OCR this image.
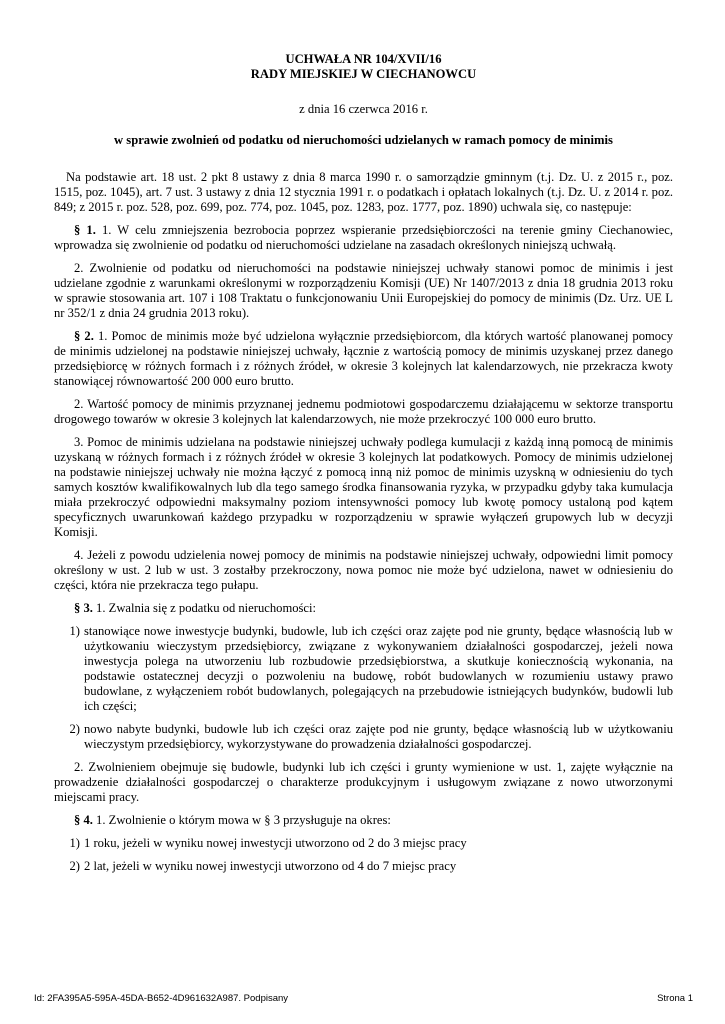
UCHWAŁA NR 104/XVII/16
RADY MIEJSKIEJ W CIECHANOWCU
z dnia 16 czerwca 2016 r.
w sprawie zwolnień od podatku od nieruchomości udzielanych w ramach pomocy de minimis

Na podstawie art. 18 ust. 2 pkt 8 ustawy z dnia 8 marca 1990 r. o samorządzie gminnym (t.j. Dz. U. z 2015 r., poz. 1515, poz. 1045), art. 7 ust. 3 ustawy z dnia 12 stycznia 1991 r. o podatkach i opłatach lokalnych (t.j. Dz. U. z 2014 r. poz. 849; z 2015 r. poz. 528, poz. 699, poz. 774, poz. 1045, poz. 1283, poz. 1777, poz. 1890) uchwala się, co następuje:

§ 1. 1. W celu zmniejszenia bezrobocia poprzez wspieranie przedsiębiorczości na terenie gminy Ciechanowiec, wprowadza się zwolnienie od podatku od nieruchomości udzielane na zasadach określonych niniejszą uchwałą.

2. Zwolnienie od podatku od nieruchomości na podstawie niniejszej uchwały stanowi pomoc de minimis i jest udzielane zgodnie z warunkami określonymi w rozporządzeniu Komisji (UE) Nr 1407/2013 z dnia 18 grudnia 2013 roku w sprawie stosowania art. 107 i 108 Traktatu o funkcjonowaniu Unii Europejskiej do pomocy de minimis (Dz. Urz. UE L nr 352/1 z dnia 24 grudnia 2013 roku).

§ 2. 1. Pomoc de minimis może być udzielona wyłącznie przedsiębiorcom, dla których wartość planowanej pomocy de minimis udzielonej na podstawie niniejszej uchwały, łącznie z wartością pomocy de minimis uzyskanej przez danego przedsiębiorcę w różnych formach i z różnych źródeł, w okresie 3 kolejnych lat kalendarzowych, nie przekracza kwoty stanowiącej równowartość 200 000 euro brutto.

2. Wartość pomocy de minimis przyznanej jednemu podmiotowi gospodarczemu działającemu w sektorze transportu drogowego towarów w okresie 3 kolejnych lat kalendarzowych, nie może przekroczyć 100 000 euro brutto.

3. Pomoc de minimis udzielana na podstawie niniejszej uchwały podlega kumulacji z każdą inną pomocą de minimis uzyskaną w różnych formach i z różnych źródeł w okresie 3 kolejnych lat podatkowych. Pomocy de minimis udzielonej na podstawie niniejszej uchwały nie można łączyć z pomocą inną niż pomoc de minimis uzyskną w odniesieniu do tych samych kosztów kwalifikowalnych lub dla tego samego środka finansowania ryzyka, w przypadku gdyby taka kumulacja miała przekroczyć odpowiedni maksymalny poziom intensywności pomocy lub kwotę pomocy ustaloną pod kątem specyficznych uwarunkowań każdego przypadku w rozporządzeniu w sprawie wyłączeń grupowych lub w decyzji Komisji.

4. Jeżeli z powodu udzielenia nowej pomocy de minimis na podstawie niniejszej uchwały, odpowiedni limit pomocy określony w ust. 2 lub w ust. 3 zostałby przekroczony, nowa pomoc nie może być udzielona, nawet w odniesieniu do części, która nie przekracza tego pułapu.

§ 3. 1. Zwalnia się z podatku od nieruchomości:

1) stanowiące nowe inwestycje budynki, budowle, lub ich części oraz zajęte pod nie grunty, będące własnością lub w użytkowaniu wieczystym przedsiębiorcy, związane z wykonywaniem działalności gospodarczej, jeżeli nowa inwestycja polega na utworzeniu lub rozbudowie przedsiębiorstwa, a skutkuje koniecznością wykonania, na podstawie ostatecznej decyzji o pozwoleniu na budowę, robót budowlanych w rozumieniu ustawy prawo budowlane, z wyłączeniem robót budowlanych, polegających na przebudowie istniejących budynków, budowli lub ich części;
2) nowo nabyte budynki, budowle lub ich części oraz zajęte pod nie grunty, będące własnością lub w użytkowaniu wieczystym przedsiębiorcy, wykorzystywane do prowadzenia działalności gospodarczej.

2. Zwolnieniem obejmuje się budowle, budynki lub ich części i grunty wymienione w ust. 1, zajęte wyłącznie na prowadzenie działalności gospodarczej o charakterze produkcyjnym i usługowym związane z nowo utworzonymi miejscami pracy.

§ 4. 1. Zwolnienie o którym mowa w § 3 przysługuje na okres:

1) 1 roku, jeżeli w wyniku nowej inwestycji utworzono od 2 do 3 miejsc pracy
2) 2 lat, jeżeli w wyniku nowej inwestycji utworzono od 4 do 7 miejsc pracy
Id: 2FA395A5-595A-45DA-B652-4D961632A987. Podpisany	Strona 1
